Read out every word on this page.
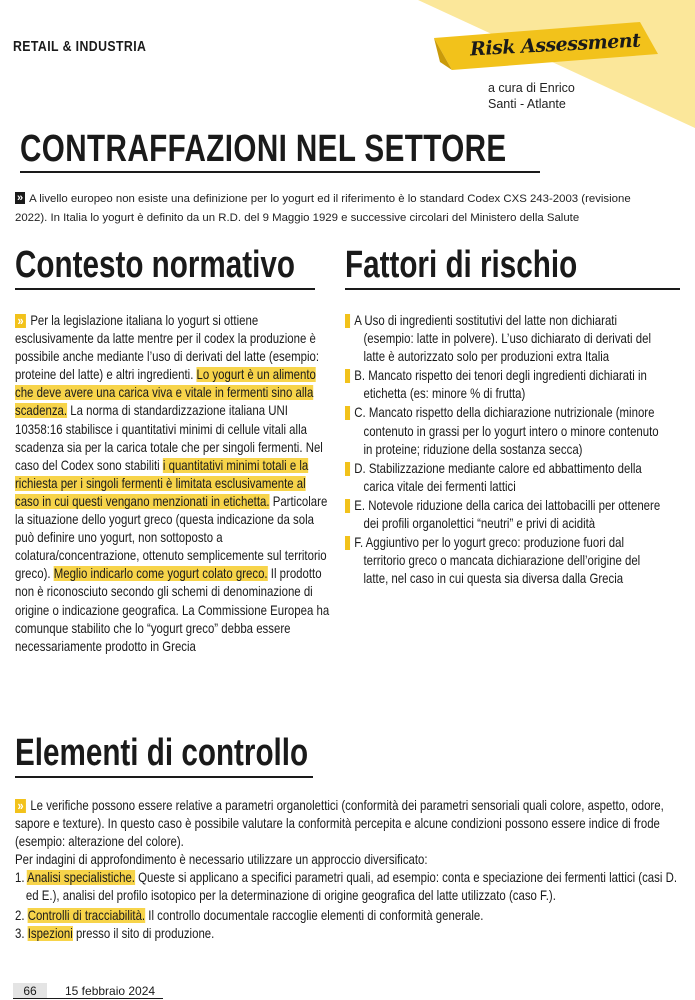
Risk Assessment
RETAIL & INDUSTRIA
a cura di Enrico
Santi - Atlante
CONTRAFFAZIONI NEL SETTORE
» A livello europeo non esiste una definizione per lo yogurt ed il riferimento è lo standard Codex CXS 243-2003 (revisione
2022). In Italia lo yogurt è definito da un R.D. del 9 Maggio 1929 e successive circolari del Ministero della Salute
Contesto normativo
» Per la legislazione italiana lo yogurt si ottiene esclusivamente da latte mentre per il codex la produzione è possibile anche mediante l’uso di derivati del latte (esempio: proteine del latte) e altri ingredienti. Lo yogurt è un alimento che deve avere una carica viva e vitale in fermenti sino alla scadenza. La norma di standardizzazione italiana UNI 10358:16 stabilisce i quantitativi minimi di cellule vitali alla scadenza sia per la carica totale che per singoli fermenti. Nel caso del Codex sono stabiliti i quantitativi minimi totali e la richiesta per i singoli fermenti è limitata esclusivamente al caso in cui questi vengano menzionati in etichetta. Particolare la situazione dello yogurt greco (questa indicazione da sola può definire uno yogurt, non sottoposto a colatura/concentrazione, ottenuto semplicemente sul territorio greco). Meglio indicarlo come yogurt colato greco. Il prodotto non è riconosciuto secondo gli schemi di denominazione di origine o indicazione geografica. La Commissione Europea ha comunque stabilito che lo “yogurt greco” debba essere necessariamente prodotto in Grecia
Fattori di rischio
» A Uso di ingredienti sostitutivi del latte non dichiarati (esempio: latte in polvere). L’uso dichiarato di derivati del latte è autorizzato solo per produzioni extra Italia
» B. Mancato rispetto dei tenori degli ingredienti dichiarati in etichetta (es: minore % di frutta)
» C. Mancato rispetto della dichiarazione nutrizionale (minore contenuto in grassi per lo yogurt intero o minore contenuto in proteine; riduzione della sostanza secca)
» D. Stabilizzazione mediante calore ed abbattimento della carica vitale dei fermenti lattici
» E. Notevole riduzione della carica dei lattobacilli per ottenere dei profili organolettici “neutri” e privi di acidità
» F. Aggiuntivo per lo yogurt greco: produzione fuori dal territorio greco o mancata dichiarazione dell’origine del latte, nel caso in cui questa sia diversa dalla Grecia
Elementi di controllo
» Le verifiche possono essere relative a parametri organolettici (conformità dei parametri sensoriali quali colore, aspetto, odore, sapore e texture). In questo caso è possibile valutare la conformità percepita e alcune condizioni possono essere indice di frode (esempio: alterazione del colore).
Per indagini di approfondimento è necessario utilizzare un approccio diversificato:
1. Analisi specialistiche. Queste si applicano a specifici parametri quali, ad esempio: conta e speciazione dei fermenti lattici (casi D. ed E.), analisi del profilo isotopico per la determinazione di origine geografica del latte utilizzato (caso F.).
2. Controlli di tracciabilità. Il controllo documentale raccoglie elementi di conformità generale.
3. Ispezioni presso il sito di produzione.
66	15 febbraio 2024
